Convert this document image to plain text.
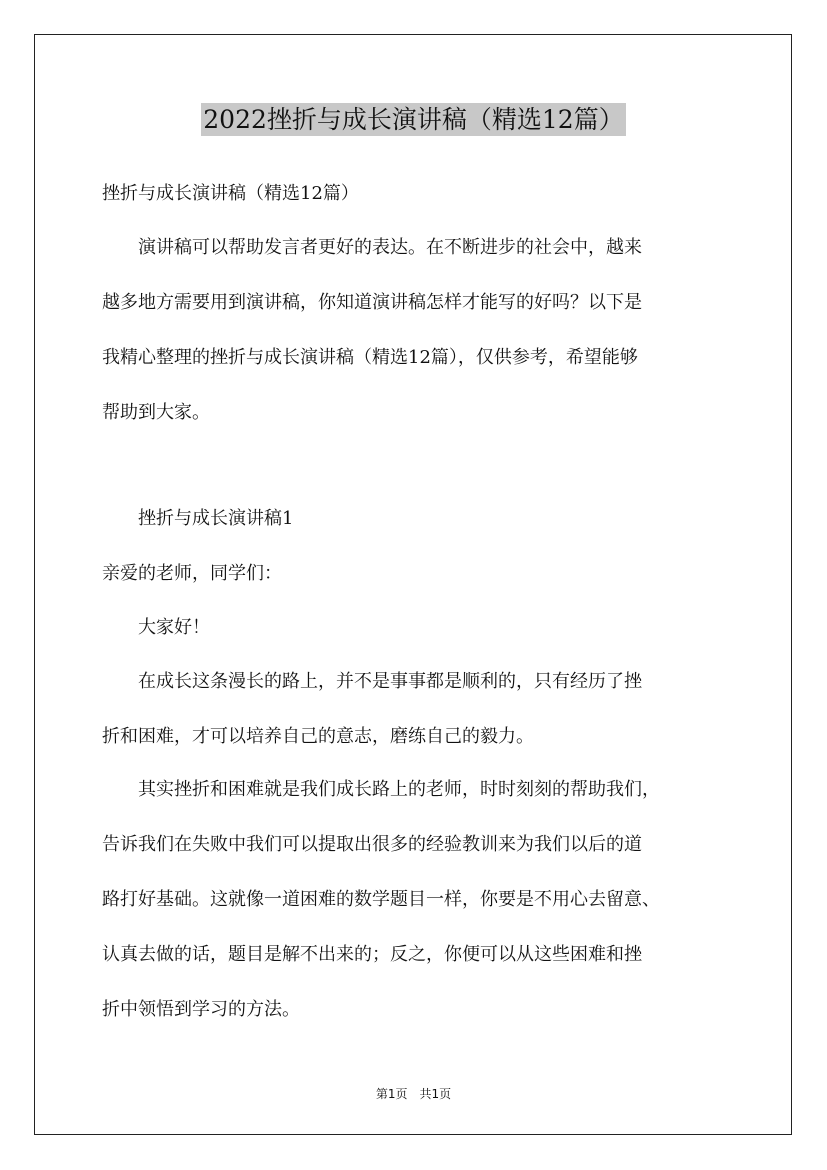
2022挫折与成长演讲稿（精选12篇）

挫折与成长演讲稿（精选12篇）

　　演讲稿可以帮助发言者更好的表达。在不断进步的社会中，越来
越多地方需要用到演讲稿，你知道演讲稿怎样才能写的好吗？以下是
我精心整理的挫折与成长演讲稿（精选12篇），仅供参考，希望能够
帮助到大家。

　　挫折与成长演讲稿1

亲爱的老师，同学们：

　　大家好！

　　在成长这条漫长的路上，并不是事事都是顺利的，只有经历了挫
折和困难，才可以培养自己的意志，磨练自己的毅力。

　　其实挫折和困难就是我们成长路上的老师，时时刻刻的帮助我们，
告诉我们在失败中我们可以提取出很多的经验教训来为我们以后的道
路打好基础。这就像一道困难的数学题目一样，你要是不用心去留意、
认真去做的话，题目是解不出来的；反之，你便可以从这些困难和挫
折中领悟到学习的方法。

第1页　共1页
